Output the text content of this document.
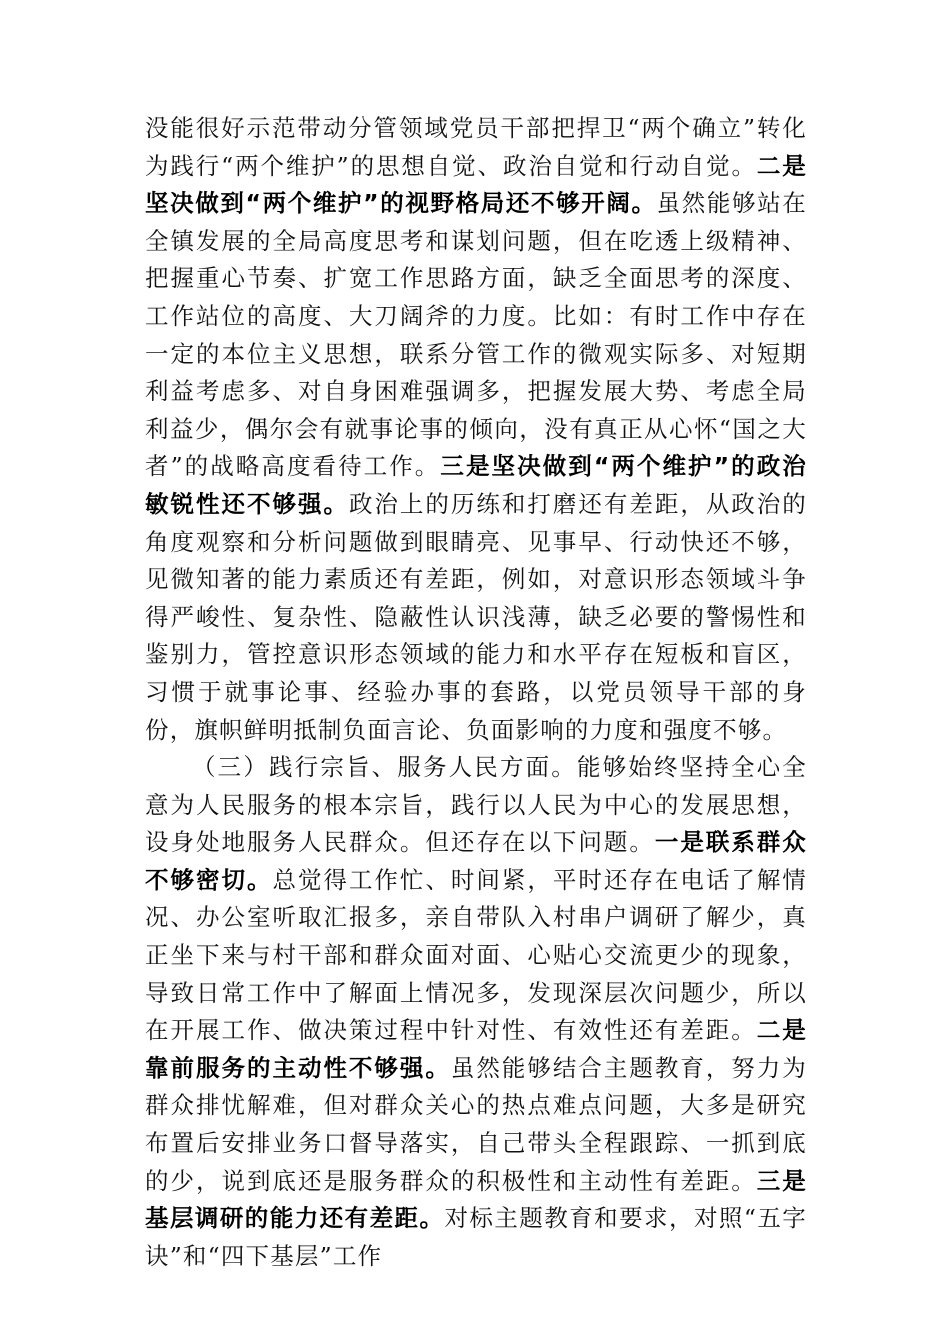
没能很好示范带动分管领域党员干部把捍卫“两个确立”转化为践行“两个维护”的思想自觉、政治自觉和行动自觉。二是坚决做到“两个维护”的视野格局还不够开阔。虽然能够站在全镇发展的全局高度思考和谋划问题，但在吃透上级精神、把握重心节奏、扩宽工作思路方面，缺乏全面思考的深度、工作站位的高度、大刀阔斧的力度。比如：有时工作中存在一定的本位主义思想，联系分管工作的微观实际多、对短期利益考虑多、对自身困难强调多，把握发展大势、考虑全局利益少，偶尔会有就事论事的倾向，没有真正从心怀“国之大者”的战略高度看待工作。三是坚决做到“两个维护”的政治敏锐性还不够强。政治上的历练和打磨还有差距，从政治的角度观察和分析问题做到眼睛亮、见事早、行动快还不够，见微知著的能力素质还有差距，例如，对意识形态领域斗争得严峻性、复杂性、隐蔽性认识浅薄，缺乏必要的警惕性和鉴别力，管控意识形态领域的能力和水平存在短板和盲区，习惯于就事论事、经验办事的套路，以党员领导干部的身份，旗帜鲜明抵制负面言论、负面影响的力度和强度不够。

（三）践行宗旨、服务人民方面。能够始终坚持全心全意为人民服务的根本宗旨，践行以人民为中心的发展思想，设身处地服务人民群众。但还存在以下问题。一是联系群众不够密切。总觉得工作忙、时间紧，平时还存在电话了解情况、办公室听取汇报多，亲自带队入村串户调研了解少，真正坐下来与村干部和群众面对面、心贴心交流更少的现象，导致日常工作中了解面上情况多，发现深层次问题少，所以在开展工作、做决策过程中针对性、有效性还有差距。二是靠前服务的主动性不够强。虽然能够结合主题教育，努力为群众排忧解难，但对群众关心的热点难点问题，大多是研究布置后安排业务口督导落实，自己带头全程跟踪、一抓到底的少，说到底还是服务群众的积极性和主动性有差距。三是基层调研的能力还有差距。对标主题教育和要求，对照“五字诀”和“四下基层”工作
